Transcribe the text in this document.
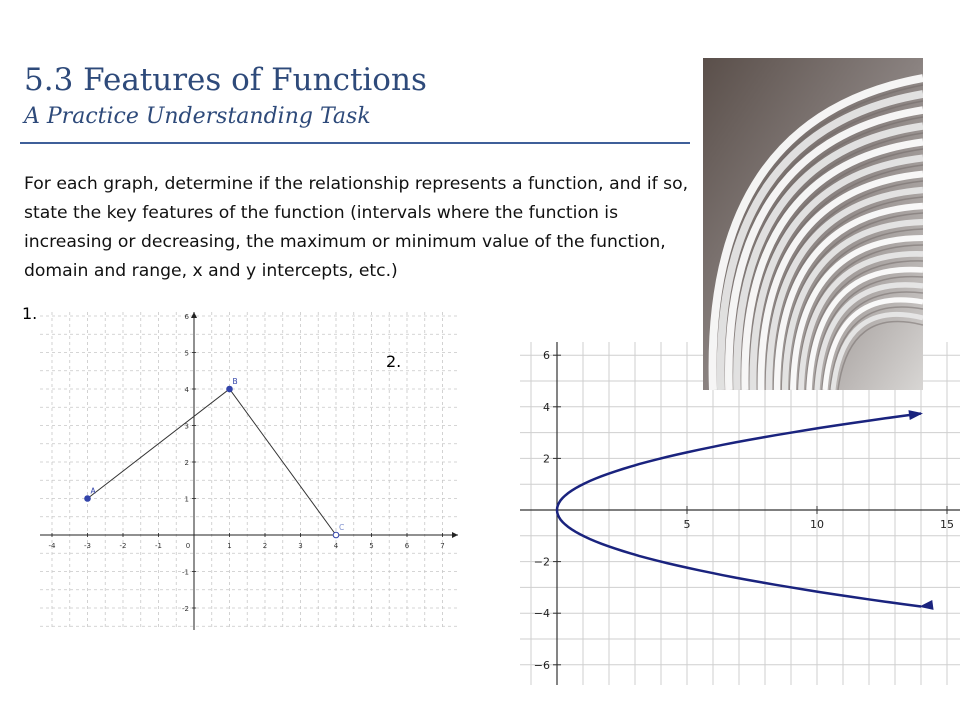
5.3 Features of Functions
A Practice Understanding Task
For each graph, determine if the relationship represents a function, and if so, state the key features of the function (intervals where the function is increasing or decreasing, the maximum or minimum value of the function, domain and range, x and y intercepts, etc.)
1.
-4	-3	-2	-1	0	1	2	3	4	5	6	7
-2
-1
1
2
3
4
5
6
A
B
C	5	10	15
6
4
2
−2
−4
−6
2.
